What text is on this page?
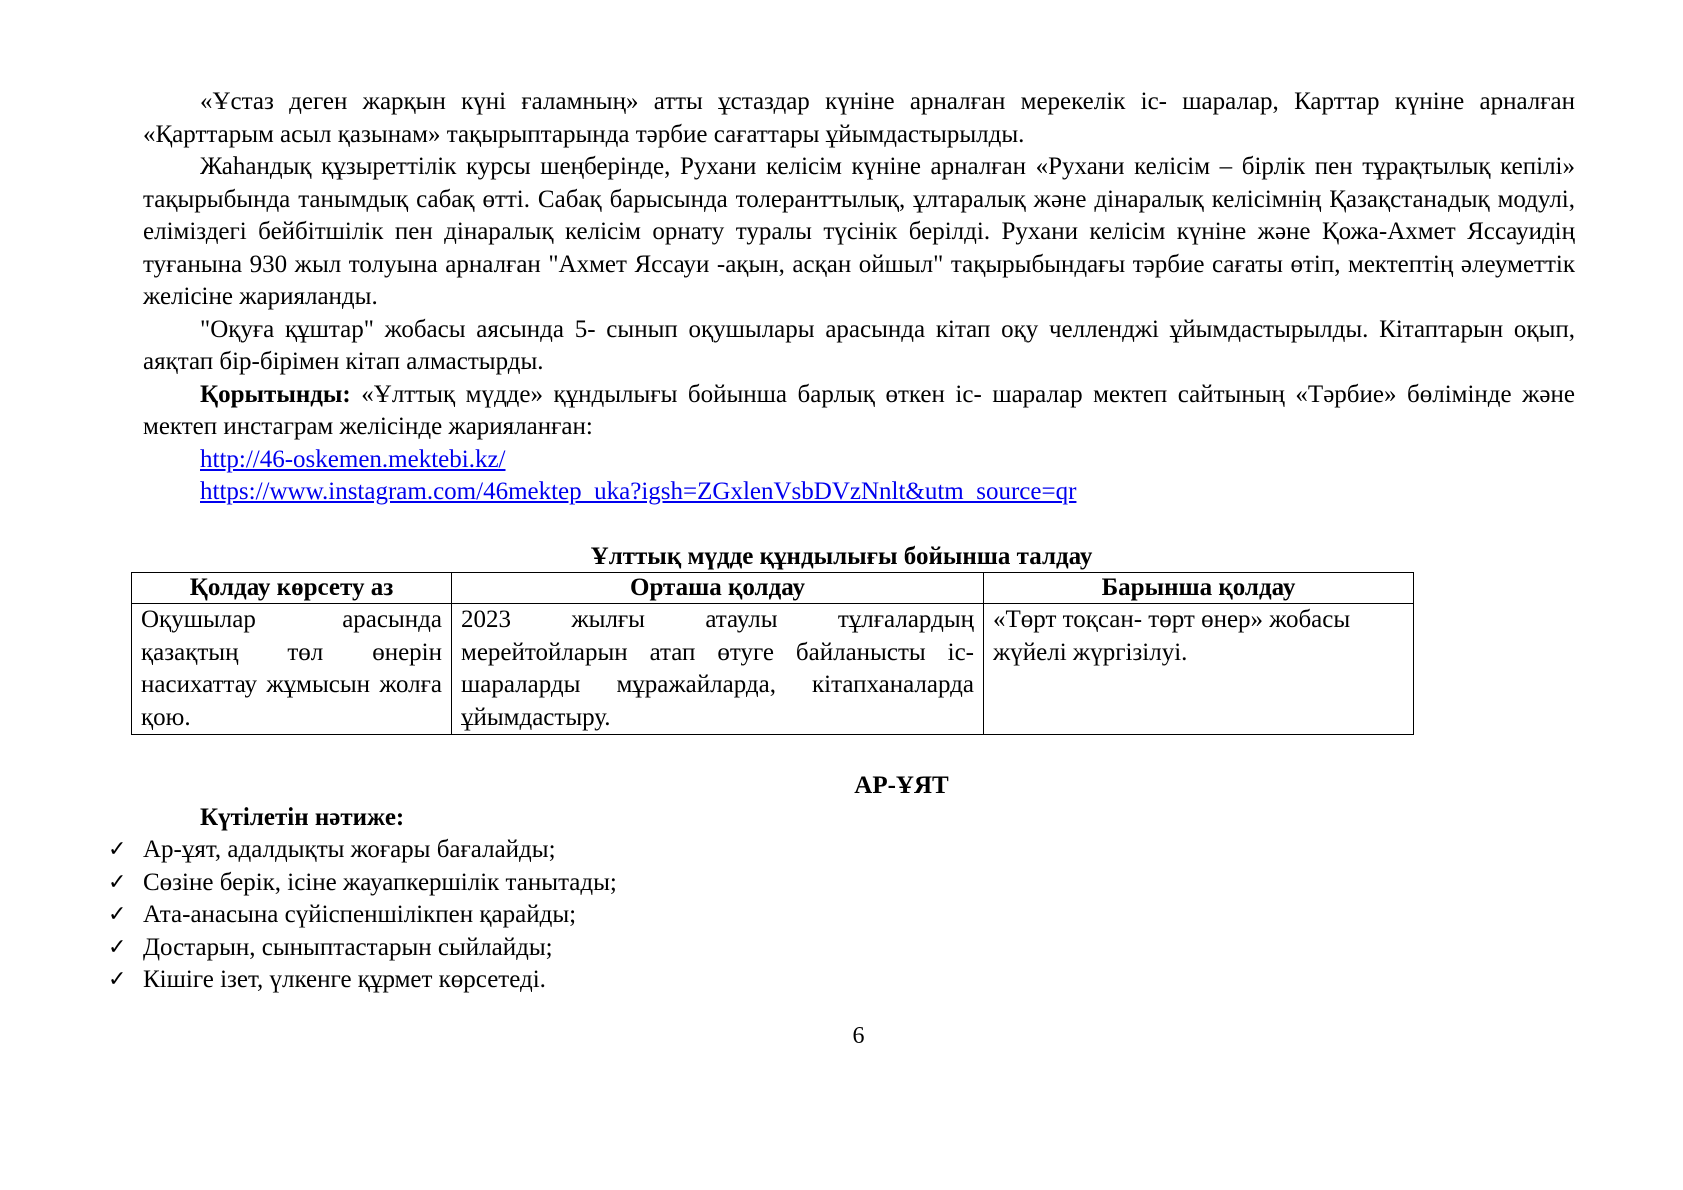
«Ұстаз деген жарқын күні ғаламның» атты ұстаздар күніне арналған мерекелік іс- шаралар, Карттар күніне арналған «Қарттарым асыл қазынам» тақырыптарында тәрбие сағаттары ұйымдастырылды.

Жаһандық құзыреттілік курсы шеңберінде, Рухани келісім күніне арналған «Рухани келісім – бірлік пен тұрақтылық кепілі» тақырыбында танымдық сабақ өтті. Сабақ барысында толеранттылық, ұлтаралық және дінаралық келісімнің Қазақстанадық модулі, еліміздегі бейбітшілік пен дінаралық келісім орнату туралы түсінік берілді. Рухани келісім күніне және Қожа-Ахмет Яссауидің туғанына 930 жыл толуына арналған "Ахмет Яссауи -ақын, асқан ойшыл" тақырыбындағы тәрбие сағаты өтіп, мектептің әлеуметтік желісіне жарияланды.

"Оқуға құштар" жобасы аясында 5- сынып оқушылары арасында кітап оқу челленджі ұйымдастырылды. Кітаптарын оқып, аяқтап бір-бірімен кітап алмастырды.

Қорытынды: «Ұлттық мүдде» құндылығы бойынша барлық өткен іс- шаралар мектеп сайтының «Тәрбие» бөлімінде және мектеп инстаграм желісінде жарияланған:

http://46-oskemen.mektebi.kz/
https://www.instagram.com/46mektep_uka?igsh=ZGxlenVsbDVzNnlt&utm_source=qr
Ұлттық мүдде құндылығы бойынша талдау
Қолдау көрсету аз	Орташа қолдау	Барынша қолдау
Оқушылар арасында қазақтың төл өнерін насихаттау жұмысын жолға қою.	2023 жылғы атаулы тұлғалардың мерейтойларын атап өтуге байланысты іс-шараларды мұражайларда, кітапханаларда ұйымдастыру.	«Төрт тоқсан- төрт өнер» жобасы жүйелі жүргізілуі.
АР-ҰЯТ
Күтілетін нәтиже:
✓ Ар-ұят, адалдықты жоғары бағалайды;
✓ Сөзіне берік, ісіне жауапкершілік танытады;
✓ Ата-анасына сүйіспеншілікпен қарайды;
✓ Достарын, сыныптастарын сыйлайды;
✓ Кішіге ізет, үлкенге құрмет көрсетеді.
6
